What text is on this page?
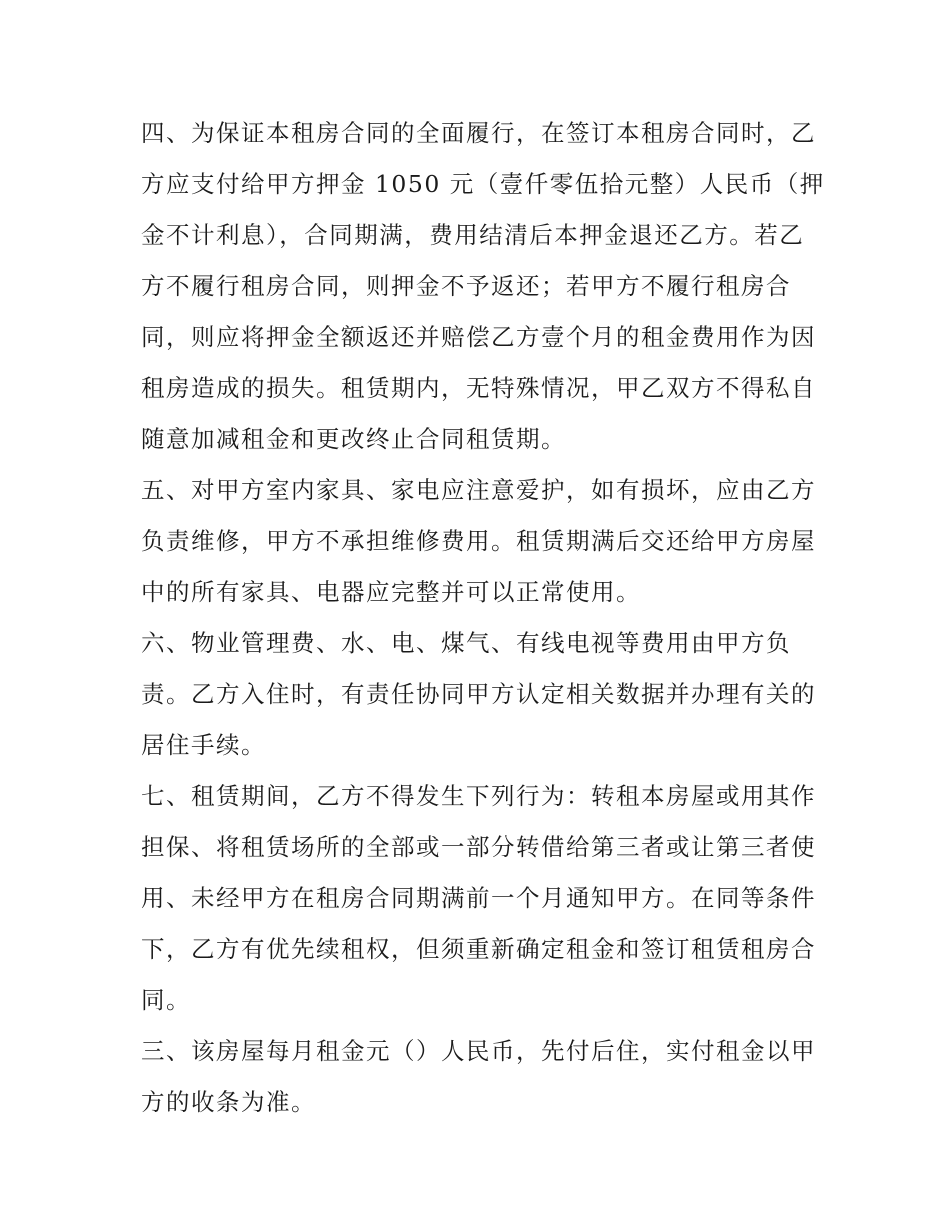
四、为保证本租房合同的全面履行，在签订本租房合同时，乙
方应支付给甲方押金 1050 元（壹仟零伍拾元整）人民币（押
金不计利息），合同期满，费用结清后本押金退还乙方。若乙
方不履行租房合同，则押金不予返还；若甲方不履行租房合
同，则应将押金全额返还并赔偿乙方壹个月的租金费用作为因
租房造成的损失。租赁期内，无特殊情况，甲乙双方不得私自
随意加减租金和更改终止合同租赁期。
五、对甲方室内家具、家电应注意爱护，如有损坏，应由乙方
负责维修，甲方不承担维修费用。租赁期满后交还给甲方房屋
中的所有家具、电器应完整并可以正常使用。
六、物业管理费、水、电、煤气、有线电视等费用由甲方负
责。乙方入住时，有责任协同甲方认定相关数据并办理有关的
居住手续。
七、租赁期间，乙方不得发生下列行为：转租本房屋或用其作
担保、将租赁场所的全部或一部分转借给第三者或让第三者使
用、未经甲方在租房合同期满前一个月通知甲方。在同等条件
下，乙方有优先续租权，但须重新确定租金和签订租赁租房合
同。
三、该房屋每月租金元（）人民币，先付后住，实付租金以甲
方的收条为准。
